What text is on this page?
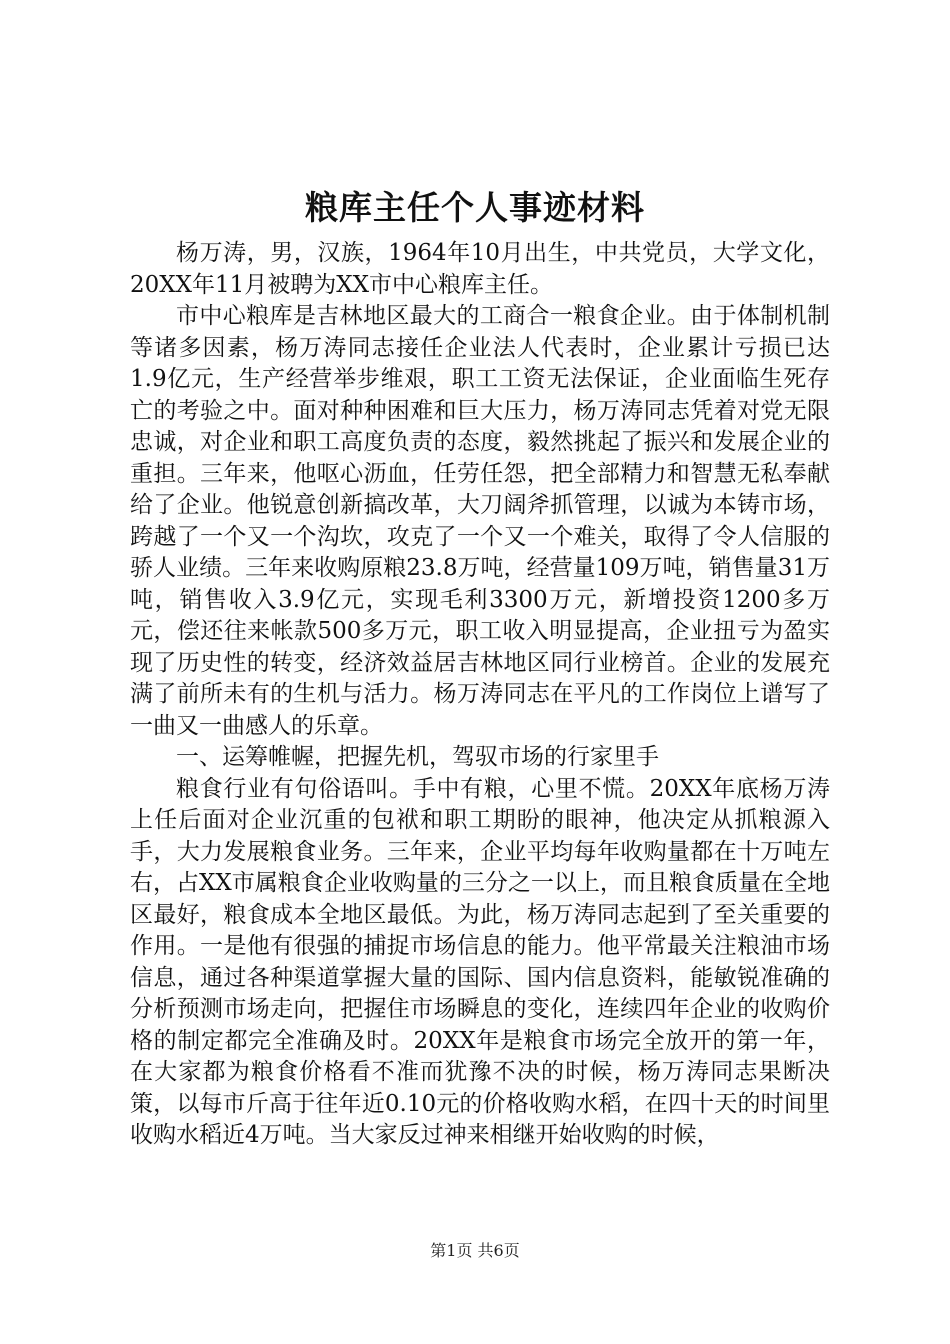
粮库主任个人事迹材料

杨万涛，男，汉族，1964年10月出生，中共党员，大学文化，20XX年11月被聘为XX市中心粮库主任。

市中心粮库是吉林地区最大的工商合一粮食企业。由于体制机制等诸多因素，杨万涛同志接任企业法人代表时，企业累计亏损已达1.9亿元，生产经营举步维艰，职工工资无法保证，企业面临生死存亡的考验之中。面对种种困难和巨大压力，杨万涛同志凭着对党无限忠诚，对企业和职工高度负责的态度，毅然挑起了振兴和发展企业的重担。三年来，他呕心沥血，任劳任怨，把全部精力和智慧无私奉献给了企业。他锐意创新搞改革，大刀阔斧抓管理，以诚为本铸市场，跨越了一个又一个沟坎，攻克了一个又一个难关，取得了令人信服的骄人业绩。三年来收购原粮23.8万吨，经营量109万吨，销售量31万吨，销售收入3.9亿元，实现毛利3300万元，新增投资1200多万元，偿还往来帐款500多万元，职工收入明显提高，企业扭亏为盈实现了历史性的转变，经济效益居吉林地区同行业榜首。企业的发展充满了前所未有的生机与活力。杨万涛同志在平凡的工作岗位上谱写了一曲又一曲感人的乐章。

一、运筹帷幄，把握先机，驾驭市场的行家里手

粮食行业有句俗语叫。手中有粮，心里不慌。20XX年底杨万涛上任后面对企业沉重的包袱和职工期盼的眼神，他决定从抓粮源入手，大力发展粮食业务。三年来，企业平均每年收购量都在十万吨左右，占XX市属粮食企业收购量的三分之一以上，而且粮食质量在全地区最好，粮食成本全地区最低。为此，杨万涛同志起到了至关重要的作用。一是他有很强的捕捉市场信息的能力。他平常最关注粮油市场信息，通过各种渠道掌握大量的国际、国内信息资料，能敏锐准确的分析预测市场走向，把握住市场瞬息的变化，连续四年企业的收购价格的制定都完全准确及时。20XX年是粮食市场完全放开的第一年，在大家都为粮食价格看不准而犹豫不决的时候，杨万涛同志果断决策，以每市斤高于往年近0.10元的价格收购水稻，在四十天的时间里收购水稻近4万吨。当大家反过神来相继开始收购的时候，

第1页 共6页
